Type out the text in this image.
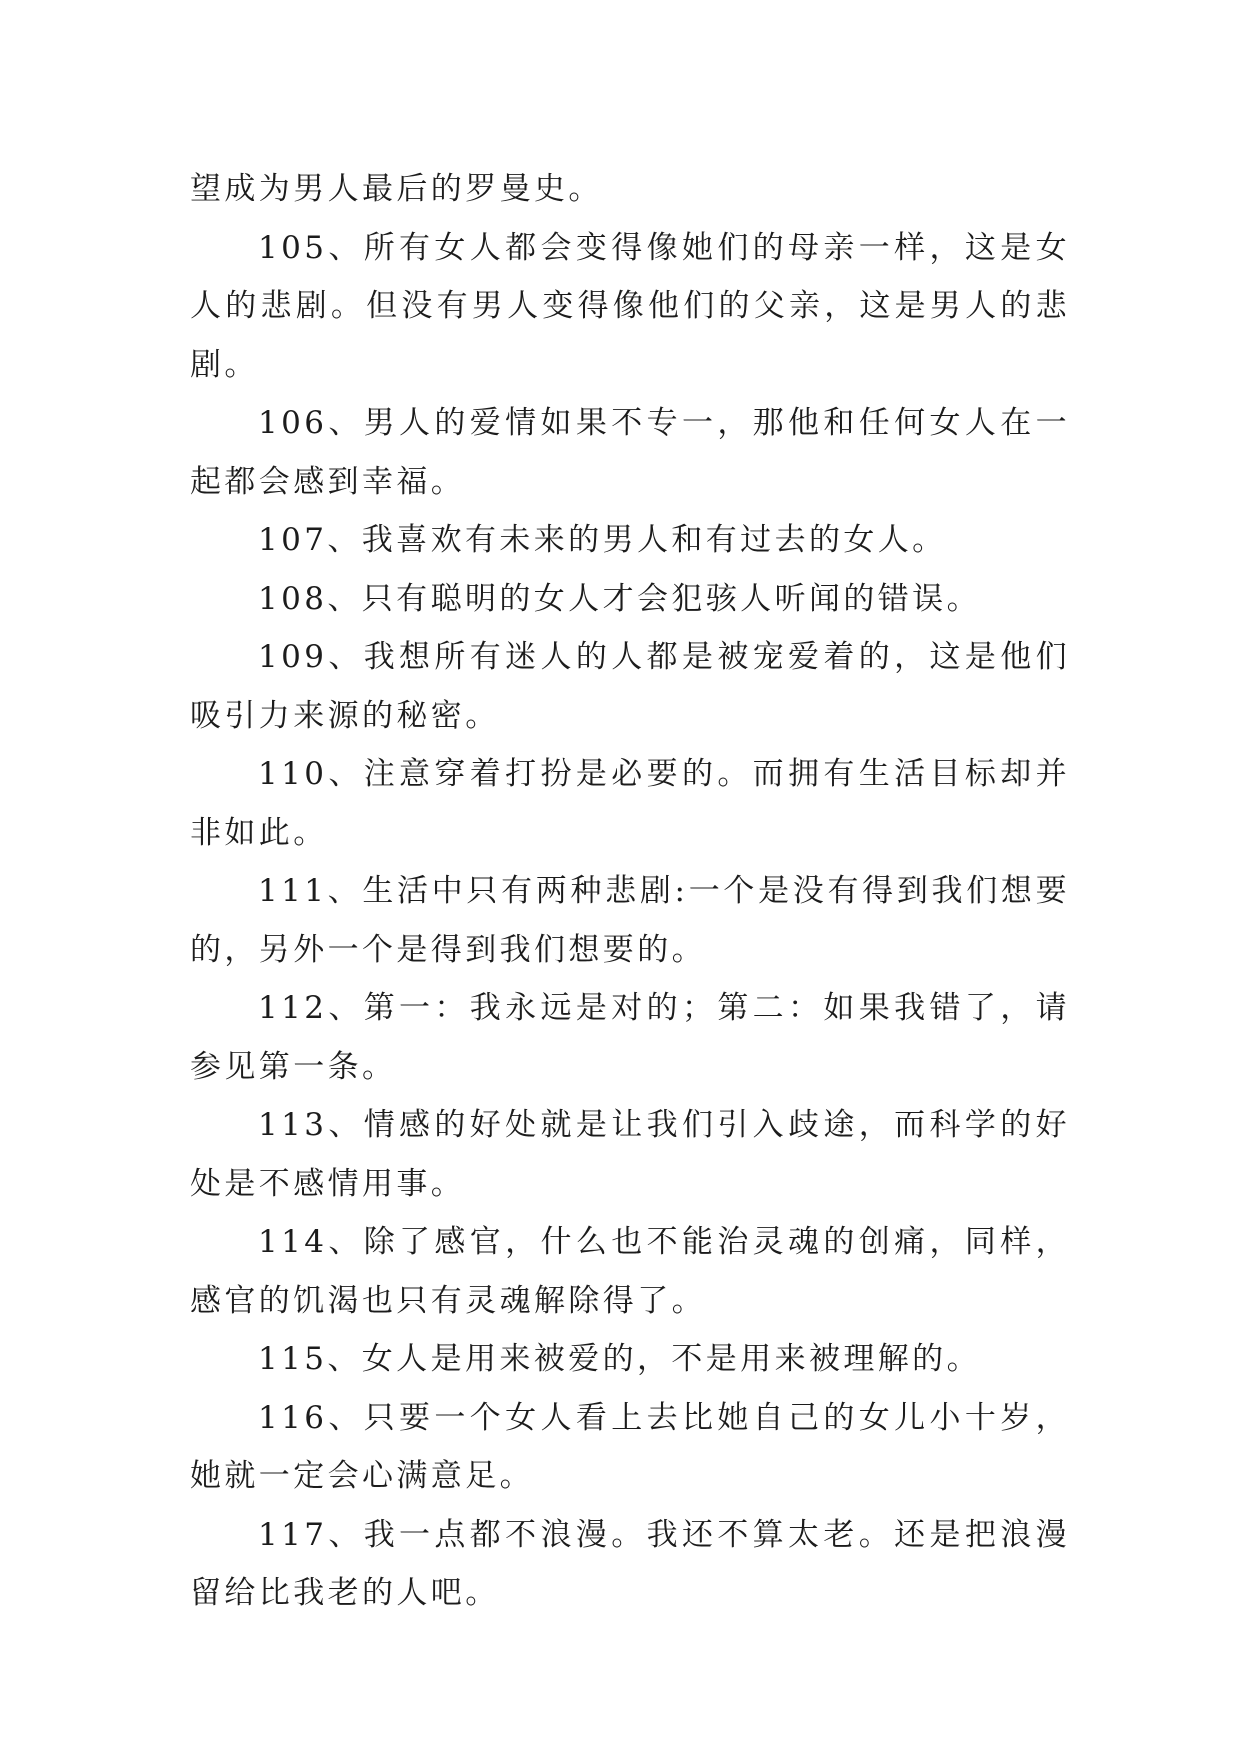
望成为男人最后的罗曼史。

105、所有女人都会变得像她们的母亲一样，这是女人的悲剧。但没有男人变得像他们的父亲，这是男人的悲剧。

106、男人的爱情如果不专一，那他和任何女人在一起都会感到幸福。

107、我喜欢有未来的男人和有过去的女人。

108、只有聪明的女人才会犯骇人听闻的错误。

109、我想所有迷人的人都是被宠爱着的，这是他们吸引力来源的秘密。

110、注意穿着打扮是必要的。而拥有生活目标却并非如此。

111、生活中只有两种悲剧:一个是没有得到我们想要的，另外一个是得到我们想要的。

112、第一：我永远是对的；第二：如果我错了，请参见第一条。

113、情感的好处就是让我们引入歧途，而科学的好处是不感情用事。

114、除了感官，什么也不能治灵魂的创痛，同样，感官的饥渴也只有灵魂解除得了。

115、女人是用来被爱的，不是用来被理解的。

116、只要一个女人看上去比她自己的女儿小十岁，她就一定会心满意足。

117、我一点都不浪漫。我还不算太老。还是把浪漫留给比我老的人吧。
